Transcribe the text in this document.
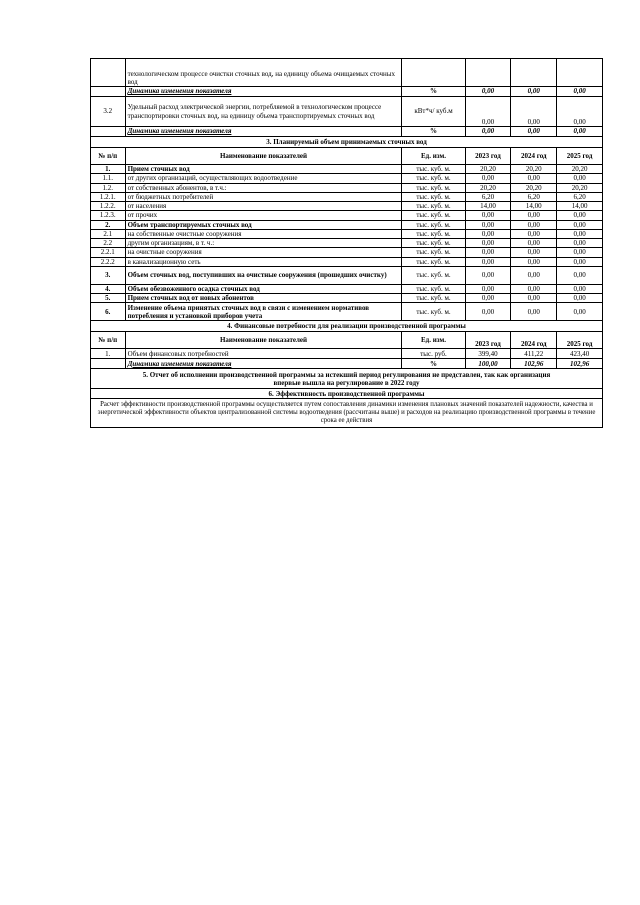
	технологическом процессе очистки сточных вод, на единицу объема очищаемых сточных вод				
	Динамика изменения показателя	%	0,00	0,00	0,00
3.2	Удельный расход электрической энергии, потребляемой в технологическом процессе транспортировки сточных вод, на единицу объема транспортируемых сточных вод	кВт*ч/ куб.м	0,00	0,00	0,00
	Динамика изменения показателя	%	0,00	0,00	0,00
3. Планируемый объем принимаемых сточных вод					
№ п/п	Наименование показателей	Ед. изм.	2023 год	2024 год	2025 год
1.	Прием сточных вод	тыс. куб. м.	20,20	20,20	20,20
1.1.	от других организаций, осуществляющих водоотведение	тыс. куб. м.	0,00	0,00	0,00
1.2.	от собственных абонентов, в т.ч.:	тыс. куб. м.	20,20	20,20	20,20
1.2.1.	от бюджетных потребителей	тыс. куб. м.	6,20	6,20	6,20
1.2.2.	от населения	тыс. куб. м.	14,00	14,00	14,00
1.2.3.	от прочих	тыс. куб. м.	0,00	0,00	0,00
2.	Объем транспортируемых сточных вод	тыс. куб. м.	0,00	0,00	0,00
2.1	на собственные очистные сооружения	тыс. куб. м.	0,00	0,00	0,00
2.2	другим организациям, в т. ч.:	тыс. куб. м.	0,00	0,00	0,00
2.2.1	на очистные сооружения	тыс. куб. м.	0,00	0,00	0,00
2.2.2	в канализационную сеть	тыс. куб. м.	0,00	0,00	0,00
3.	Объем сточных вод, поступивших на очистные сооружения (прошедших очистку)	тыс. куб. м.	0,00	0,00	0,00
4.	Объем обезвоженного осадка сточных вод	тыс. куб. м.	0,00	0,00	0,00
5.	Прием сточных вод от новых абонентов	тыс. куб. м.	0,00	0,00	0,00
6.	Изменение объема принятых сточных вод в связи с изменением нормативов потребления и установкой приборов учета	тыс. куб. м.	0,00	0,00	0,00
4. Финансовые потребности для реализации производственной программы					
№ п/п	Наименование показателей	Ед. изм.	2023 год	2024 год	2025 год
1.	Объем финансовых потребностей	тыс. руб.	399,40	411,22	423,40
	Динамика изменения показателя	%	100,00	102,96	102,96
5. Отчет об исполнении производственной программы за истекший период регулирования не представлен, так как организация впервые вышла на регулирование в 2022 году					
6. Эффективность производственной программы					
Расчет эффективности производственной программы осуществляется путем сопоставления динамики изменения плановых значений показателей надежности, качества и энергетической эффективности объектов централизованной системы водоотведения (рассчитаны выше) и расходов на реализацию производственной программы в течение срока ее действия					
